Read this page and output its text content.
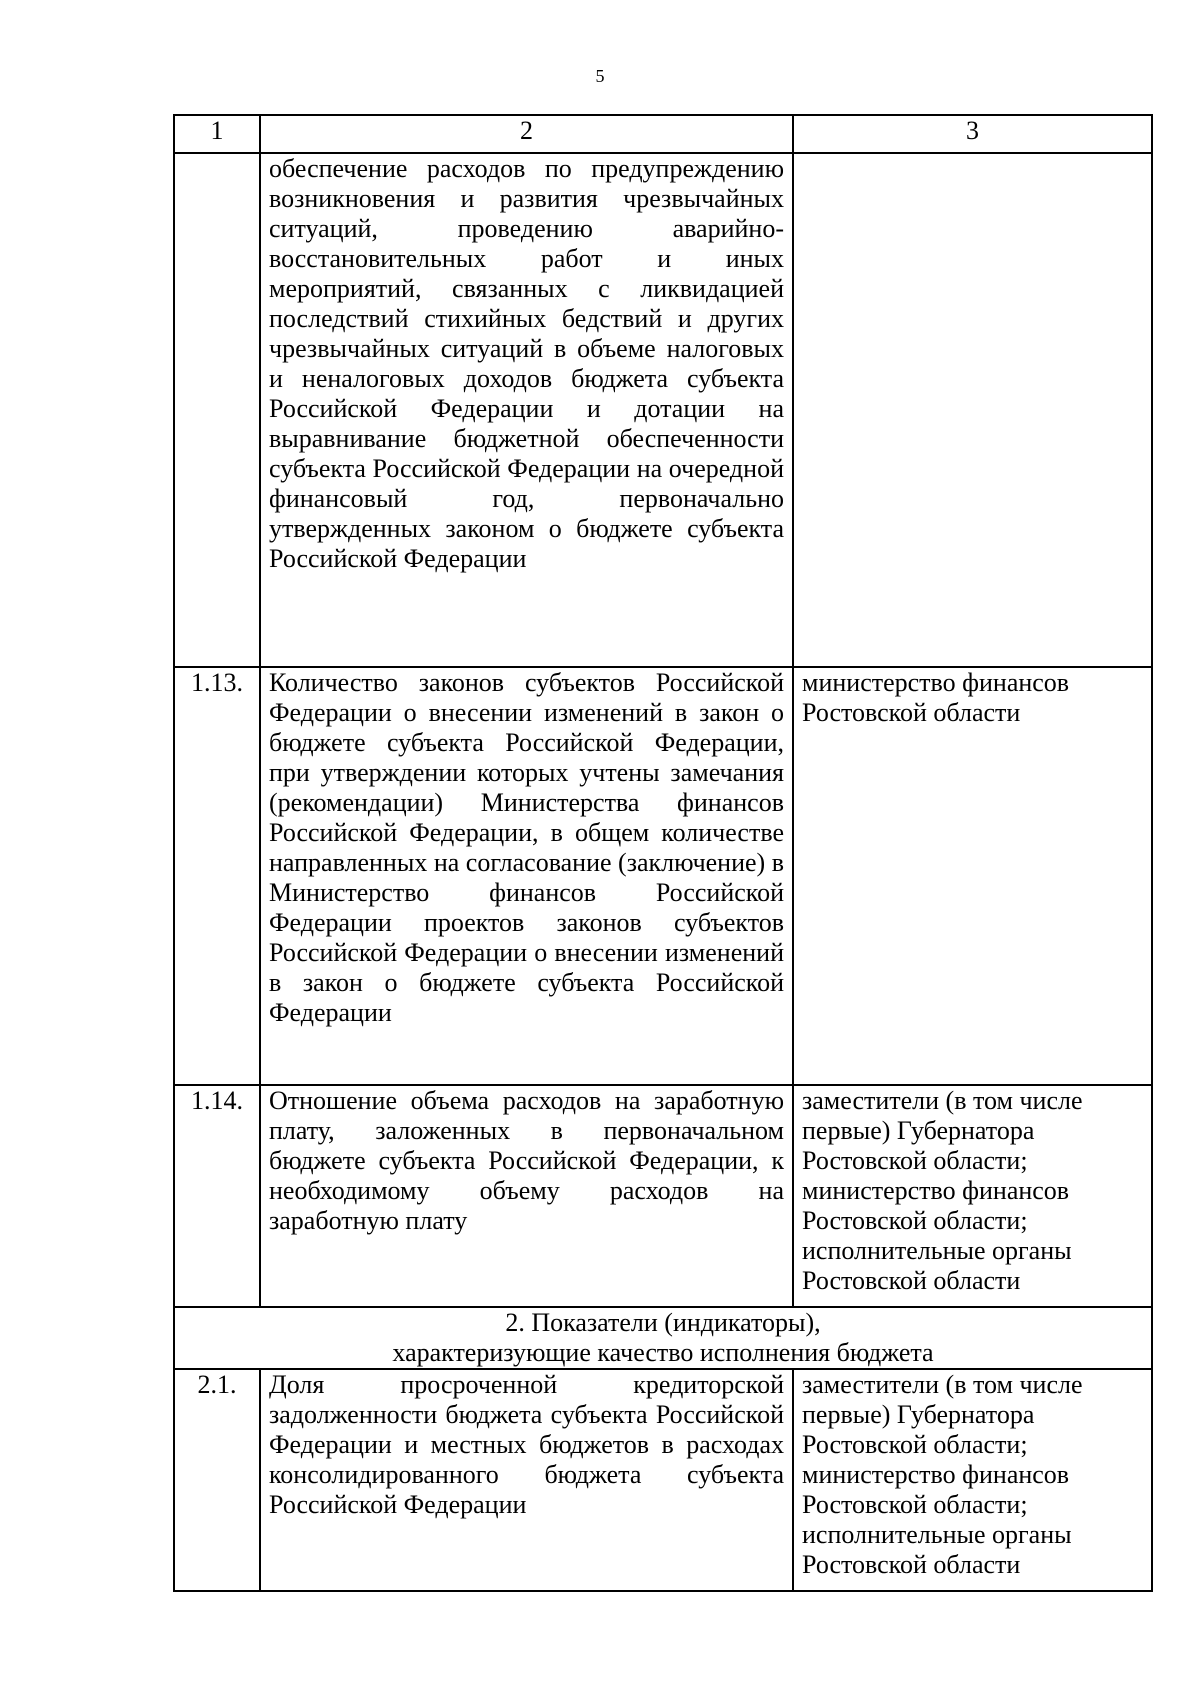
5
1	2	3
	обеспечение расходов по предупреждению возникновения и развития чрезвычайных ситуаций, проведению аварийно-восстановительных работ и иных мероприятий, связанных с ликвидацией последствий стихийных бедствий и других чрезвычайных ситуаций в объеме налоговых и неналоговых доходов бюджета субъекта Российской Федерации и дотации на выравнивание бюджетной обеспеченности субъекта Российской Федерации на очередной финансовый год, первоначально утвержденных законом о бюджете субъекта Российской Федерации	
1.13.	Количество законов субъектов Российской Федерации о внесении изменений в закон о бюджете субъекта Российской Федерации, при утверждении которых учтены замечания (рекомендации) Министерства финансов Российской Федерации, в общем количестве направленных на согласование (заключение) в Министерство финансов Российской Федерации проектов законов субъектов Российской Федерации о внесении изменений в закон о бюджете субъекта Российской Федерации	министерство финансов Ростовской области
1.14.	Отношение объема расходов на заработную плату, заложенных в первоначальном бюджете субъекта Российской Федерации, к необходимому объему расходов на заработную плату	заместители (в том числе первые) Губернатора Ростовской области; министерство финансов Ростовской области; исполнительные органы Ростовской области

2. Показатели (индикаторы),
характеризующие качество исполнения бюджета		

2.1.	Доля просроченной кредиторской задолженности бюджета субъекта Российской Федерации и местных бюджетов в расходах консолидированного бюджета субъекта Российской Федерации	заместители (в том числе первые) Губернатора Ростовской области; министерство финансов Ростовской области; исполнительные органы Ростовской области
